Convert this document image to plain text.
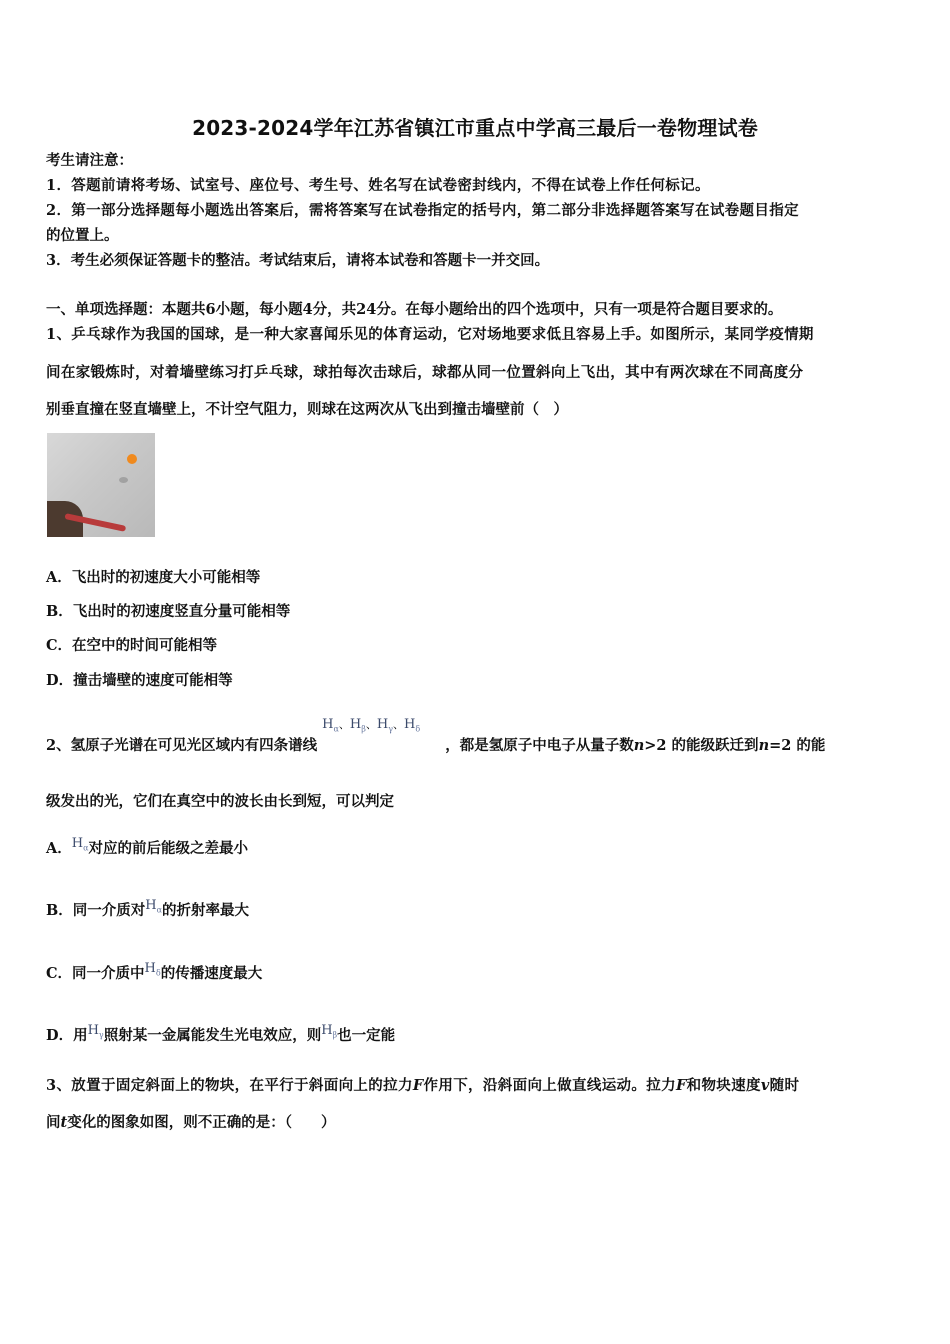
2023-2024学年江苏省镇江市重点中学高三最后一卷物理试卷
考生请注意：
1．答题前请将考场、试室号、座位号、考生号、姓名写在试卷密封线内，不得在试卷上作任何标记。
2．第一部分选择题每小题选出答案后，需将答案写在试卷指定的括号内，第二部分非选择题答案写在试卷题目指定
的位置上。
3．考生必须保证答题卡的整洁。考试结束后，请将本试卷和答题卡一并交回。
一、单项选择题：本题共6小题，每小题4分，共24分。在每小题给出的四个选项中，只有一项是符合题目要求的。
1、乒乓球作为我国的国球，是一种大家喜闻乐见的体育运动，它对场地要求低且容易上手。如图所示，某同学疫情期
间在家锻炼时，对着墙壁练习打乒乓球，球拍每次击球后，球都从同一位置斜向上飞出，其中有两次球在不同高度分
别垂直撞在竖直墙壁上，不计空气阻力，则球在这两次从飞出到撞击墙壁前（　）
A．飞出时的初速度大小可能相等
B．飞出时的初速度竖直分量可能相等
C．在空中的时间可能相等
D．撞击墙壁的速度可能相等
2、氢原子光谱在可见光区域内有四条谱线 $H_\alpha$、$H_\beta$、$H_\gamma$、$H_\delta$ ，都是氢原子中电子从量子数n>2 的能级跃迁到n=2 的能
级发出的光，它们在真空中的波长由长到短，可以判定
A．$H_\alpha$对应的前后能级之差最小
B．同一介质对$H_\alpha$的折射率最大
C．同一介质中$H_\delta$的传播速度最大
D．用$H_\gamma$照射某一金属能发生光电效应，则$H_\beta$也一定能
3、放置于固定斜面上的物块，在平行于斜面向上的拉力F作用下，沿斜面向上做直线运动。拉力F和物块速度v随时
间t变化的图象如图，则不正确的是：（　　）
